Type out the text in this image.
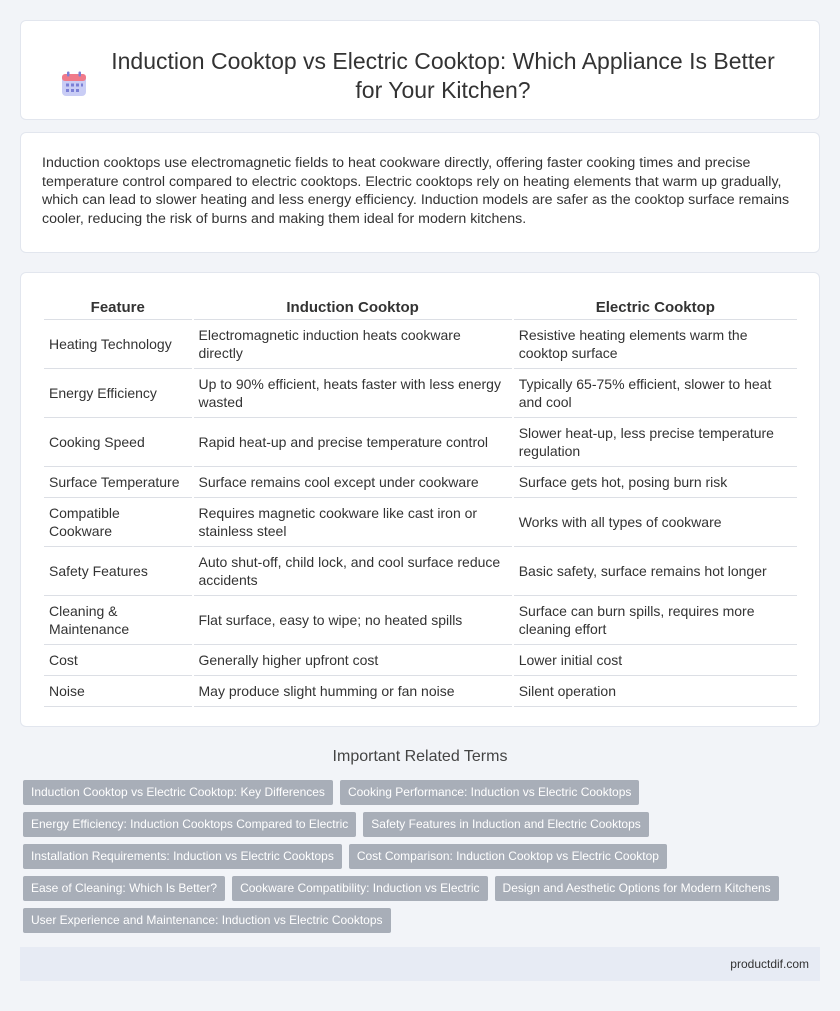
Induction Cooktop vs Electric Cooktop: Which Appliance Is Better for Your Kitchen?

Induction cooktops use electromagnetic fields to heat cookware directly, offering faster cooking times and precise temperature control compared to electric cooktops. Electric cooktops rely on heating elements that warm up gradually, which can lead to slower heating and less energy efficiency. Induction models are safer as the cooktop surface remains cooler, reducing the risk of burns and making them ideal for modern kitchens.

Feature	Induction Cooktop	Electric Cooktop
Heating Technology	Electromagnetic induction heats cookware directly	Resistive heating elements warm the cooktop surface
Energy Efficiency	Up to 90% efficient, heats faster with less energy wasted	Typically 65-75% efficient, slower to heat and cool
Cooking Speed	Rapid heat-up and precise temperature control	Slower heat-up, less precise temperature regulation
Surface Temperature	Surface remains cool except under cookware	Surface gets hot, posing burn risk
Compatible Cookware	Requires magnetic cookware like cast iron or stainless steel	Works with all types of cookware
Safety Features	Auto shut-off, child lock, and cool surface reduce accidents	Basic safety, surface remains hot longer
Cleaning & Maintenance	Flat surface, easy to wipe; no heated spills	Surface can burn spills, requires more cleaning effort
Cost	Generally higher upfront cost	Lower initial cost
Noise	May produce slight humming or fan noise	Silent operation
Important Related Terms
Induction Cooktop vs Electric Cooktop: Key Differences	Cooking Performance: Induction vs Electric Cooktops
Energy Efficiency: Induction Cooktops Compared to Electric	Safety Features in Induction and Electric Cooktops
Installation Requirements: Induction vs Electric Cooktops	Cost Comparison: Induction Cooktop vs Electric Cooktop
Ease of Cleaning: Which Is Better?	Cookware Compatibility: Induction vs Electric	Design and Aesthetic Options for Modern Kitchens
User Experience and Maintenance: Induction vs Electric Cooktops
productdif.com
